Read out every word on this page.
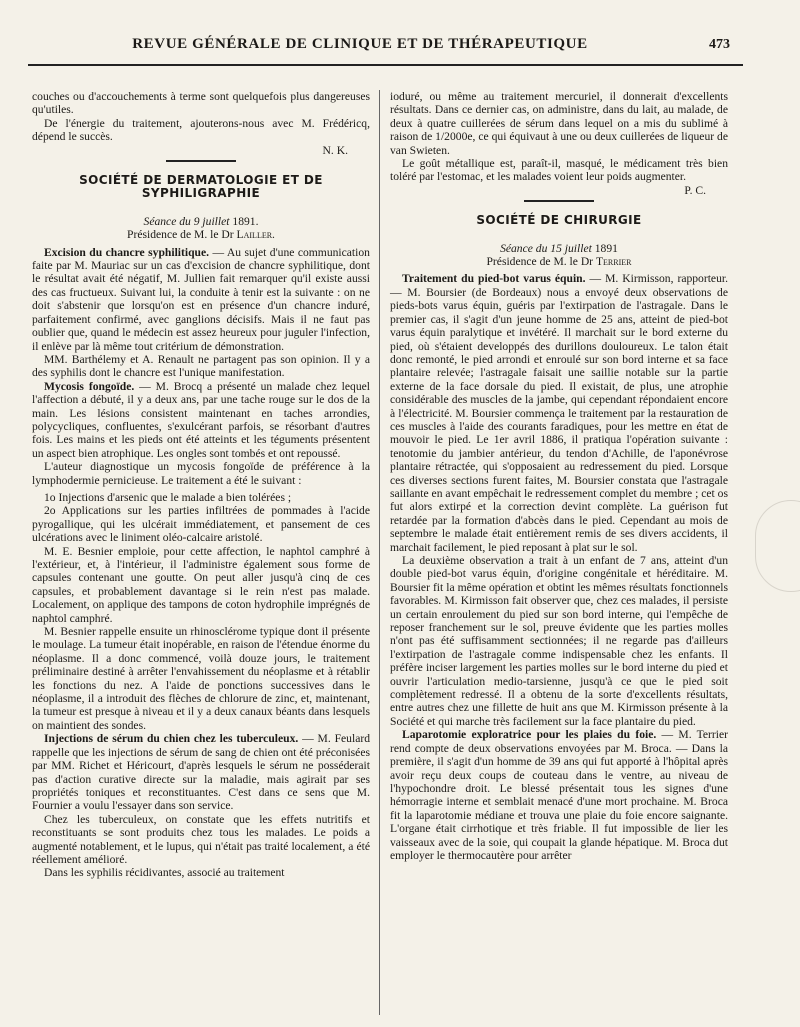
REVUE GÉNÉRALE DE CLINIQUE ET DE THÉRAPEUTIQUE	473

couches ou d'accouchements à terme sont quelquefois plus dangereuses qu'utiles.

De l'énergie du traitement, ajouterons-nous avec M. Frédéricq, dépend le succès.

N. K.

SOCIÉTÉ DE DERMATOLOGIE ET DE SYPHILIGRAPHIE

Séance du 9 juillet 1891.

Présidence de M. le Dr Lailler.

Excision du chancre syphilitique. — Au sujet d'une communication faite par M. Mauriac sur un cas d'excision de chancre syphilitique, dont le résultat avait été négatif, M. Jullien fait remarquer qu'il existe aussi des cas fructueux. Suivant lui, la conduite à tenir est la suivante : on ne doit s'abstenir que lorsqu'on est en présence d'un chancre induré, parfaitement confirmé, avec ganglions décisifs. Mais il ne faut pas oublier que, quand le médecin est assez heureux pour juguler l'infection, il enlève par là même tout critérium de démonstration.

MM. Barthélemy et A. Renault ne partagent pas son opinion. Il y a des syphilis dont le chancre est l'unique manifestation.

Mycosis fongoïde. — M. Brocq a présenté un malade chez lequel l'affection a débuté, il y a deux ans, par une tache rouge sur le dos de la main. Les lésions consistent maintenant en taches arrondies, polycycliques, confluentes, s'exulcérant parfois, se résorbant d'autres fois. Les mains et les pieds ont été atteints et les téguments présentent un aspect bien atrophique. Les ongles sont tombés et ont repoussé.

L'auteur diagnostique un mycosis fongoïde de préférence à la lymphodermie pernicieuse. Le traitement a été le suivant :

1o Injections d'arsenic que le malade a bien tolérées ;

2o Applications sur les parties infiltrées de pommades à l'acide pyrogallique, qui les ulcérait immédiatement, et pansement de ces ulcérations avec le liniment oléo-calcaire aristolé.

M. E. Besnier emploie, pour cette affection, le naphtol camphré à l'extérieur, et, à l'intérieur, il l'administre également sous forme de capsules contenant une goutte. On peut aller jusqu'à cinq de ces capsules, et probablement davantage si le rein n'est pas malade. Localement, on applique des tampons de coton hydrophile imprégnés de naphtol camphré.

M. Besnier rappelle ensuite un rhinosclérome typique dont il présente le moulage. La tumeur était inopérable, en raison de l'étendue énorme du néoplasme. Il a donc commencé, voilà douze jours, le traitement préliminaire destiné à arrêter l'envahissement du néoplasme et à rétablir les fonctions du nez. A l'aide de ponctions successives dans le néoplasme, il a introduit des flèches de chlorure de zinc, et, maintenant, la tumeur est presque à niveau et il y a deux canaux béants dans lesquels on maintient des sondes.

Injections de sérum du chien chez les tuberculeux. — M. Feulard rappelle que les injections de sérum de sang de chien ont été préconisées par MM. Richet et Héricourt, d'après lesquels le sérum ne posséderait pas d'action curative directe sur la maladie, mais agirait par ses propriétés toniques et reconstituantes. C'est dans ce sens que M. Fournier a voulu l'essayer dans son service.

Chez les tuberculeux, on constate que les effets nutritifs et reconstituants se sont produits chez tous les malades. Le poids a augmenté notablement, et le lupus, qui n'était pas traité localement, a été réellement amélioré.

Dans les syphilis récidivantes, associé au traitement

ioduré, ou même au traitement mercuriel, il donnerait d'excellents résultats. Dans ce dernier cas, on administre, dans du lait, au malade, de deux à quatre cuillerées de sérum dans lequel on a mis du sublimé à raison de 1/2000e, ce qui équivaut à une ou deux cuillerées de liqueur de van Swieten.

Le goût métallique est, paraît-il, masqué, le médicament très bien toléré par l'estomac, et les malades voient leur poids augmenter.

P. C.

SOCIÉTÉ DE CHIRURGIE

Séance du 15 juillet 1891

Présidence de M. le Dr Terrier

Traitement du pied-bot varus équin. — M. Kirmisson, rapporteur. — M. Boursier (de Bordeaux) nous a envoyé deux observations de pieds-bots varus équin, guéris par l'extirpation de l'astragale. Dans le premier cas, il s'agit d'un jeune homme de 25 ans, atteint de pied-bot varus équin paralytique et invétéré. Il marchait sur le bord externe du pied, où s'étaient developpés des durillons douloureux. Le talon était donc remonté, le pied arrondi et enroulé sur son bord interne et sa face plantaire relevée; l'astragale faisait une saillie notable sur la partie externe de la face dorsale du pied. Il existait, de plus, une atrophie considérable des muscles de la jambe, qui cependant répondaient encore à l'électricité. M. Boursier commença le traitement par la restauration de ces muscles à l'aide des courants faradiques, pour les mettre en état de mouvoir le pied. Le 1er avril 1886, il pratiqua l'opération suivante : tenotomie du jambier antérieur, du tendon d'Achille, de l'aponévrose plantaire rétractée, qui s'opposaient au redressement du pied. Lorsque ces diverses sections furent faites, M. Boursier constata que l'astragale saillante en avant empêchait le redressement complet du membre ; cet os fut alors extirpé et la correction devint complète. La guérison fut retardée par la formation d'abcès dans le pied. Cependant au mois de septembre le malade était entièrement remis de ses divers accidents, il marchait facilement, le pied reposant à plat sur le sol.

La deuxième observation a trait à un enfant de 7 ans, atteint d'un double pied-bot varus équin, d'origine congénitale et héréditaire. M. Boursier fit la même opération et obtint les mêmes résultats fonctionnels favorables. M. Kirmisson fait observer que, chez ces malades, il persiste un certain enroulement du pied sur son bord interne, qui l'empêche de reposer franchement sur le sol, preuve évidente que les parties molles n'ont pas été suffisamment sectionnées; il ne regarde pas d'ailleurs l'extirpation de l'astragale comme indispensable chez les enfants. Il préfère inciser largement les parties molles sur le bord interne du pied et ouvrir l'articulation medio-tarsienne, jusqu'à ce que le pied soit complètement redressé. Il a obtenu de la sorte d'excellents résultats, entre autres chez une fillette de huit ans que M. Kirmisson présente à la Société et qui marche très facilement sur la face plantaire du pied.

Laparotomie exploratrice pour les plaies du foie. — M. Terrier rend compte de deux observations envoyées par M. Broca. — Dans la première, il s'agit d'un homme de 39 ans qui fut apporté à l'hôpital après avoir reçu deux coups de couteau dans le ventre, au niveau de l'hypochondre droit. Le blessé présentait tous les signes d'une hémorragie interne et semblait menacé d'une mort prochaine. M. Broca fit la laparotomie médiane et trouva une plaie du foie encore saignante. L'organe était cirrhotique et très friable. Il fut impossible de lier les vaisseaux avec de la soie, qui coupait la glande hépatique. M. Broca dut employer le thermocautère pour arrêter
